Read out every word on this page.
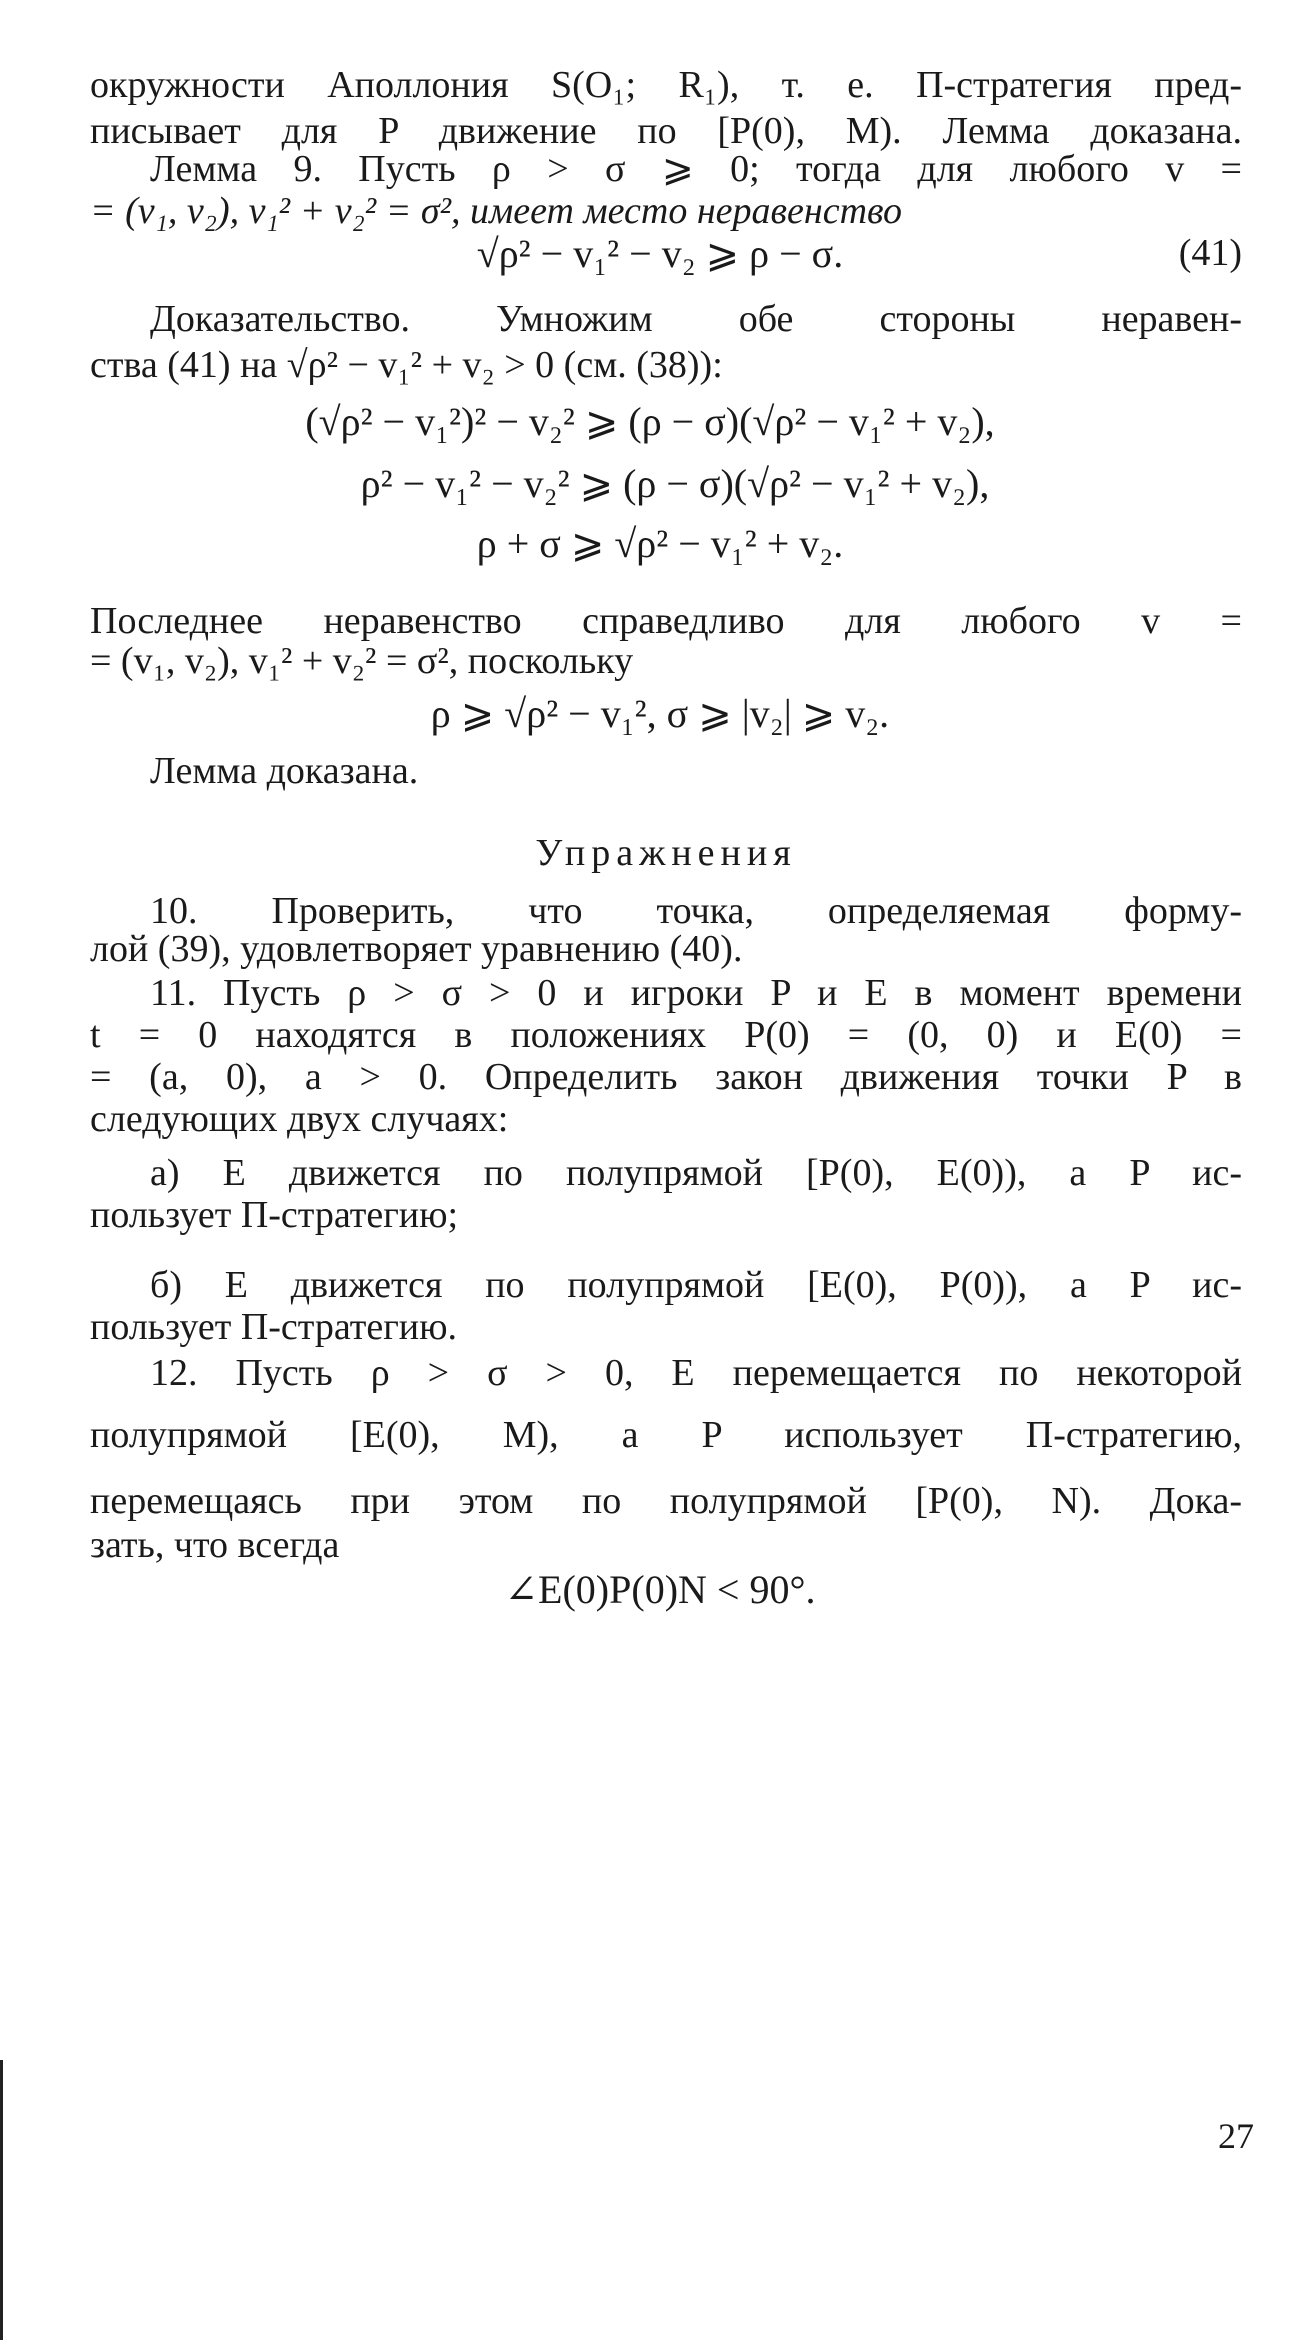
окружности Аполлония S(O₁; R₁), т. е. П-стратегия пред-
писывает для P движение по [P(0), M). Лемма доказана.
Лемма 9. Пусть ρ > σ ⩾ 0; тогда для любого v =
= (v₁, v₂), v₁² + v₂² = σ², имеет место неравенство
√ρ² − v₁² − v₂ ⩾ ρ − σ.	(41)
Доказательство. Умножим обе стороны неравен-
ства (41) на √ρ² − v₁² + v₂ > 0 (см. (38)):
(√ρ² − v₁²)² − v₂² ⩾ (ρ − σ)(√ρ² − v₁² + v₂),
ρ² − v₁² − v₂² ⩾ (ρ − σ)(√ρ² − v₁² + v₂),
ρ + σ ⩾ √ρ² − v₁² + v₂.
Последнее неравенство справедливо для любого v =
= (v₁, v₂), v₁² + v₂² = σ², поскольку
ρ ⩾ √ρ² − v₁², σ ⩾ |v₂| ⩾ v₂.
Лемма доказана.
Упражнения
10. Проверить, что точка, определяемая форму-
лой (39), удовлетворяет уравнению (40).
11. Пусть ρ > σ > 0 и игроки P и E в момент времени
t = 0 находятся в положениях P(0) = (0, 0) и E(0) =
= (a, 0), a > 0. Определить закон движения точки P в
следующих двух случаях:
а) E движется по полупрямой [P(0), E(0)), а P ис-
пользует П-стратегию;
б) E движется по полупрямой [E(0), P(0)), а P ис-
пользует П-стратегию.
12. Пусть ρ > σ > 0, E перемещается по некоторой
полупрямой [E(0), M), а P использует П-стратегию,
перемещаясь при этом по полупрямой [P(0), N). Дока-
зать, что всегда
∠E(0)P(0)N < 90°.
27
